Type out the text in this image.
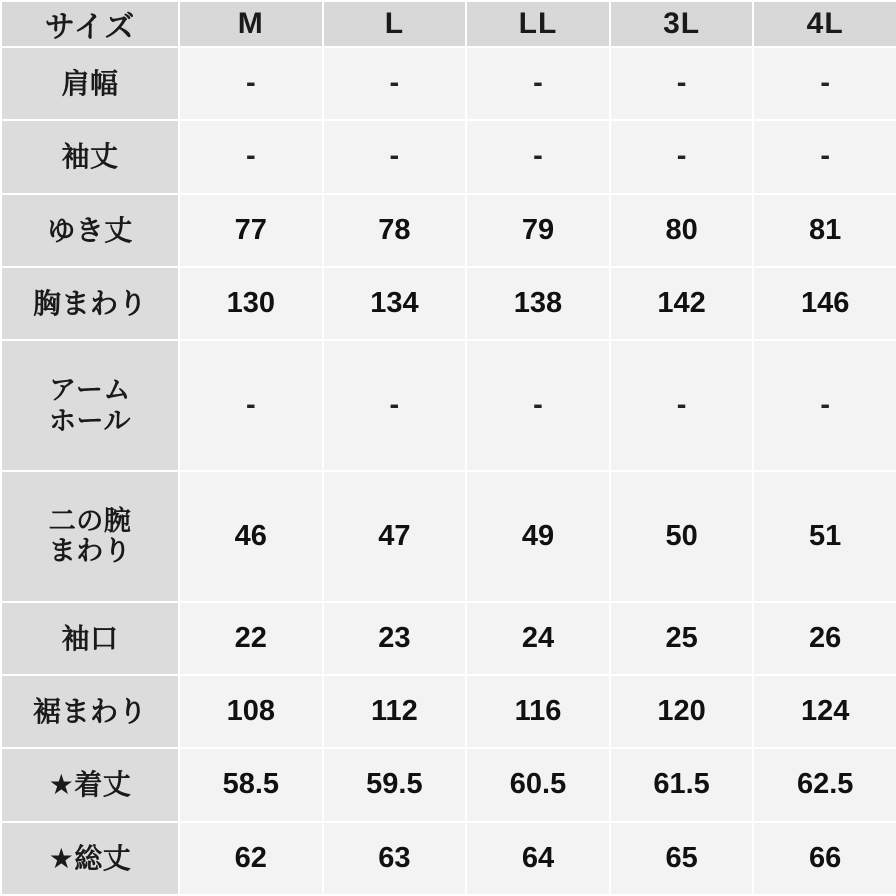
サイズ	M	L	LL	3L	4L
肩幅	-	-	-	-	-
袖丈	-	-	-	-	-
ゆき丈	77	78	79	80	81
胸まわり	130	134	138	142	146

アーム
ホール	-	-	-	-	-

二の腕
まわり	46	47	49	50	51
袖口	22	23	24	25	26
裾まわり	108	112	116	120	124
★着丈	58.5	59.5	60.5	61.5	62.5
★総丈	62	63	64	65	66
